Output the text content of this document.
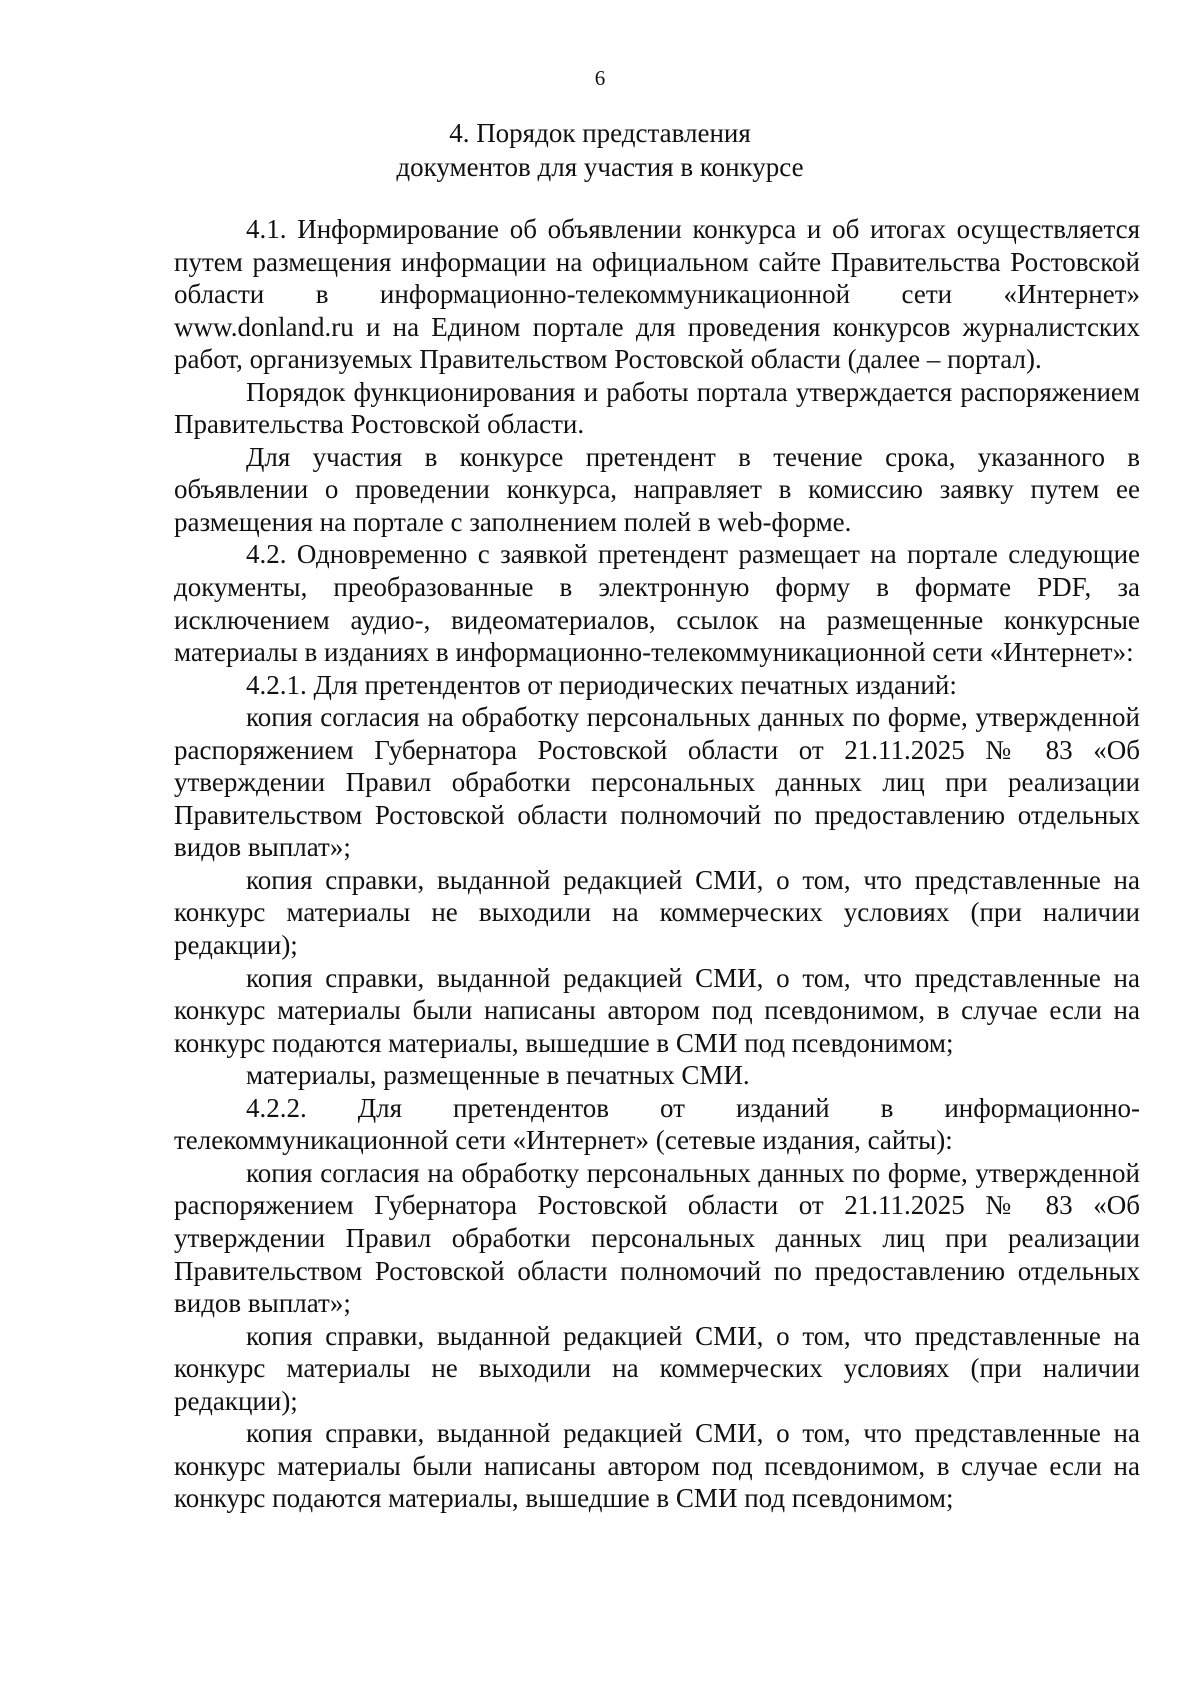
6
4. Порядок представления
документов для участия в конкурсе

4.1. Информирование об объявлении конкурса и об итогах осуществляется путем размещения информации на официальном сайте Правительства Ростовской области в информационно-телекоммуникационной сети «Интернет» www.donland.ru и на Едином портале для проведения конкурсов журналистских работ, организуемых Правительством Ростовской области (далее – портал).

Порядок функционирования и работы портала утверждается распоряжением Правительства Ростовской области.

Для участия в конкурсе претендент в течение срока, указанного в объявлении о проведении конкурса, направляет в комиссию заявку путем ее размещения на портале с заполнением полей в web-форме.

4.2. Одновременно с заявкой претендент размещает на портале следующие документы, преобразованные в электронную форму в формате PDF, за исключением аудио-, видеоматериалов, ссылок на размещенные конкурсные материалы в изданиях в информационно-телекоммуникационной сети «Интернет»:

4.2.1. Для претендентов от периодических печатных изданий:

копия согласия на обработку персональных данных по форме, утвержденной распоряжением Губернатора Ростовской области от 21.11.2025 № 83 «Об утверждении Правил обработки персональных данных лиц при реализации Правительством Ростовской области полномочий по предоставлению отдельных видов выплат»;

копия справки, выданной редакцией СМИ, о том, что представленные на конкурс материалы не выходили на коммерческих условиях (при наличии редакции);

копия справки, выданной редакцией СМИ, о том, что представленные на конкурс материалы были написаны автором под псевдонимом, в случае если на конкурс подаются материалы, вышедшие в СМИ под псевдонимом;

материалы, размещенные в печатных СМИ.

4.2.2. Для претендентов от изданий в информационно-телекоммуникационной сети «Интернет» (сетевые издания, сайты):

копия согласия на обработку персональных данных по форме, утвержденной распоряжением Губернатора Ростовской области от 21.11.2025 № 83 «Об утверждении Правил обработки персональных данных лиц при реализации Правительством Ростовской области полномочий по предоставлению отдельных видов выплат»;

копия справки, выданной редакцией СМИ, о том, что представленные на конкурс материалы не выходили на коммерческих условиях (при наличии редакции);

копия справки, выданной редакцией СМИ, о том, что представленные на конкурс материалы были написаны автором под псевдонимом, в случае если на конкурс подаются материалы, вышедшие в СМИ под псевдонимом;
